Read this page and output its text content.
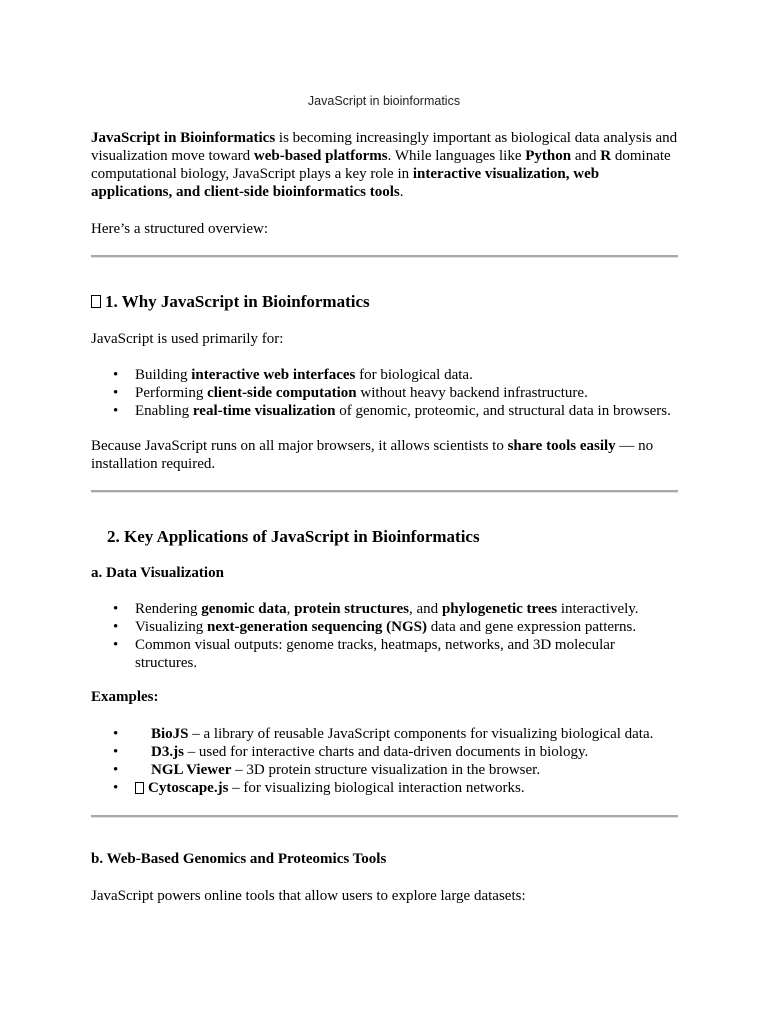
JavaScript in bioinformatics
JavaScript in Bioinformatics is becoming increasingly important as biological data analysis and visualization move toward web-based platforms. While languages like Python and R dominate computational biology, JavaScript plays a key role in interactive visualization, web applications, and client-side bioinformatics tools.
Here’s a structured overview:
1. Why JavaScript in Bioinformatics
JavaScript is used primarily for:
• Building interactive web interfaces for biological data.
• Performing client-side computation without heavy backend infrastructure.
• Enabling real-time visualization of genomic, proteomic, and structural data in browsers.
Because JavaScript runs on all major browsers, it allows scientists to share tools easily — no installation required.
2. Key Applications of JavaScript in Bioinformatics
a. Data Visualization
• Rendering genomic data, protein structures, and phylogenetic trees interactively.
• Visualizing next-generation sequencing (NGS) data and gene expression patterns.
• Common visual outputs: genome tracks, heatmaps, networks, and 3D molecular structures.
Examples:
• BioJS – a library of reusable JavaScript components for visualizing biological data.
• D3.js – used for interactive charts and data-driven documents in biology.
• NGL Viewer – 3D protein structure visualization in the browser.
• Cytoscape.js – for visualizing biological interaction networks.
b. Web-Based Genomics and Proteomics Tools
JavaScript powers online tools that allow users to explore large datasets:
